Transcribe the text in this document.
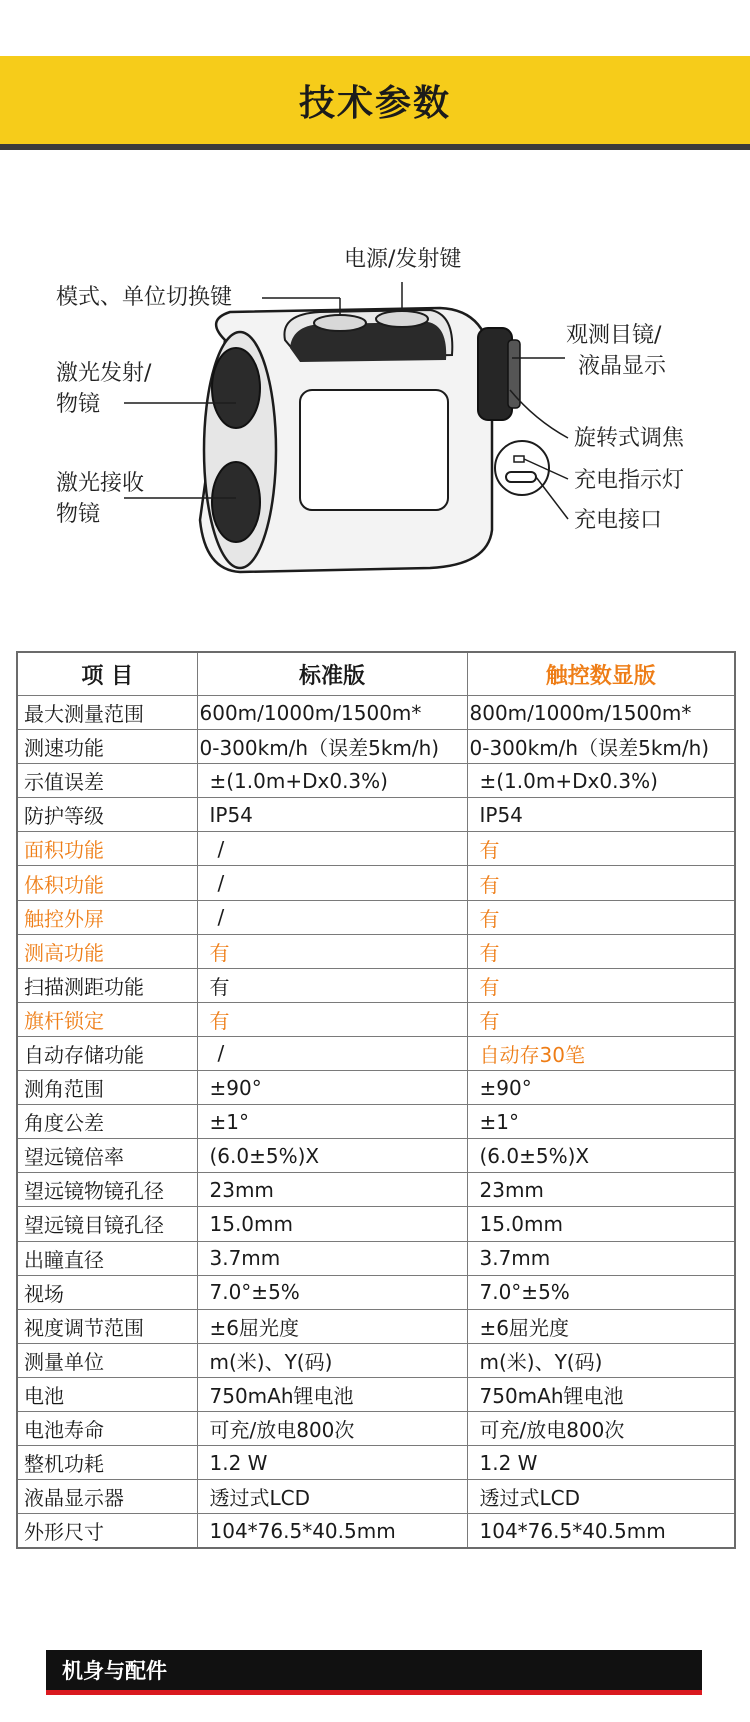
技术参数
电源/发射键
模式、单位切换键
激光发射/
物镜
激光接收
物镜
观测目镜/
液晶显示
旋转式调焦
充电指示灯
充电接口
项 目	标准版	触控数显版
最大测量范围	600m/1000m/1500m*	800m/1000m/1500m*
测速功能	0-300km/h（误差5km/h)	0-300km/h（误差5km/h)
示值误差	±(1.0m+Dx0.3%)	±(1.0m+Dx0.3%)
防护等级	IP54	IP54
面积功能	/	有
体积功能	/	有
触控外屏	/	有
测高功能	有	有
扫描测距功能	有	有
旗杆锁定	有	有
自动存储功能	/	自动存30笔
测角范围	±90°	±90°
角度公差	±1°	±1°
望远镜倍率	(6.0±5%)X	(6.0±5%)X
望远镜物镜孔径	23mm	23mm
望远镜目镜孔径	15.0mm	15.0mm
出瞳直径	3.7mm	3.7mm
视场	7.0°±5%	7.0°±5%
视度调节范围	±6屈光度	±6屈光度
测量单位	m(米)、Y(码)	m(米)、Y(码)
电池	750mAh锂电池	750mAh锂电池
电池寿命	可充/放电800次	可充/放电800次
整机功耗	1.2 W	1.2 W
液晶显示器	透过式LCD	透过式LCD
外形尺寸	104*76.5*40.5mm	104*76.5*40.5mm
机身与配件
